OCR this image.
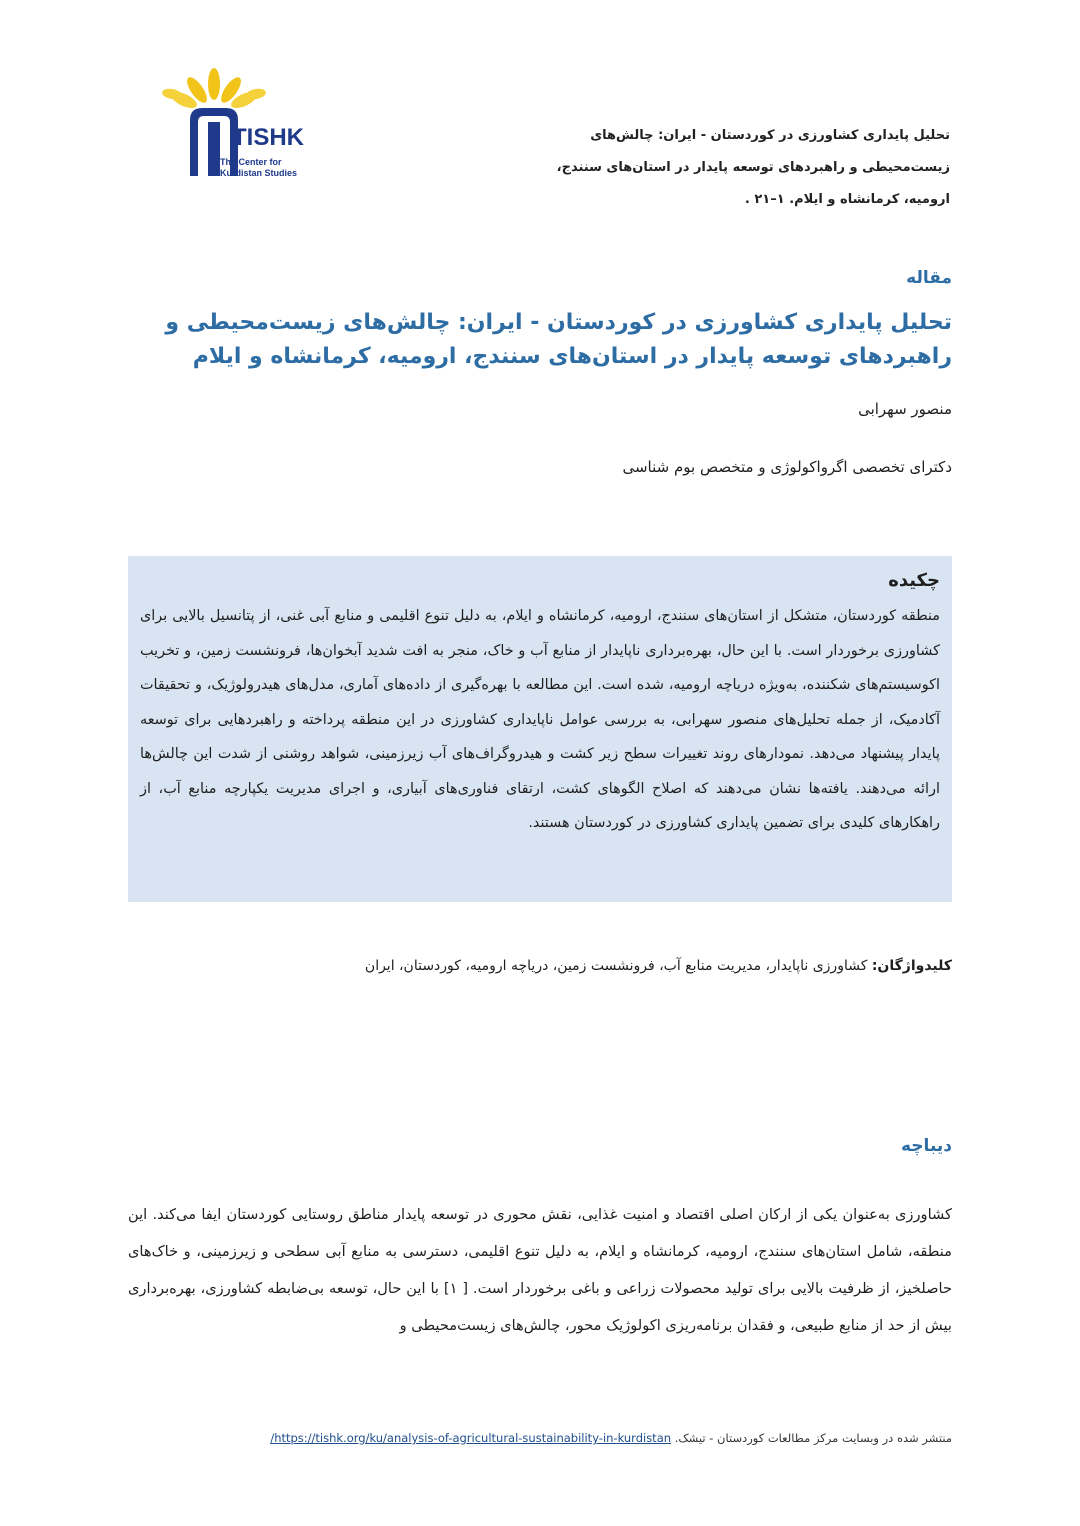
TISHK
The Center for
Kurdistan Studies
تحلیل پایداری کشاورزی در کوردستان - ایران: چالش‌های زیست‌محیطی و راهبردهای توسعه پایدار در استان‌های سنندج، ارومیه، کرمانشاه و ایلام. ۱–۲۱ .
مقاله
تحلیل پایداری کشاورزی در کوردستان - ایران: چالش‌های زیست‌محیطی و راهبردهای توسعه پایدار در استان‌های سنندج، ارومیه، کرمانشاه و ایلام
منصور سهرابی
دکترای تخصصی اگرواکولوژی و متخصص بوم شناسی
چکیده
منطقه کوردستان، متشکل از استان‌های سنندج، ارومیه، کرمانشاه و ایلام، به دلیل تنوع اقلیمی و منابع آبی غنی، از پتانسیل بالایی برای کشاورزی برخوردار است. با این حال، بهره‌برداری ناپایدار از منابع آب و خاک، منجر به افت شدید آبخوان‌ها، فرونشست زمین، و تخریب اکوسیستم‌های شکننده، به‌ویژه دریاچه ارومیه، شده است. این مطالعه با بهره‌گیری از داده‌های آماری، مدل‌های هیدرولوژیک، و تحقیقات آکادمیک، از جمله تحلیل‌های منصور سهرابی، به بررسی عوامل ناپایداری کشاورزی در این منطقه پرداخته و راهبردهایی برای توسعه پایدار پیشنهاد می‌دهد. نمودارهای روند تغییرات سطح زیر کشت و هیدروگراف‌های آب زیرزمینی، شواهد روشنی از شدت این چالش‌ها ارائه می‌دهند. یافته‌ها نشان می‌دهند که اصلاح الگوهای کشت، ارتقای فناوری‌های آبیاری، و اجرای مدیریت یکپارچه منابع آب، از راهکارهای کلیدی برای تضمین پایداری کشاورزی در کوردستان هستند.
کلیدواژگان: کشاورزی ناپایدار، مدیریت منابع آب، فرونشست زمین، دریاچه ارومیه، کوردستان، ایران
دیباچه
کشاورزی به‌عنوان یکی از ارکان اصلی اقتصاد و امنیت غذایی، نقش محوری در توسعه پایدار مناطق روستایی کوردستان ایفا می‌کند. این منطقه، شامل استان‌های سنندج، ارومیه، کرمانشاه و ایلام، به دلیل تنوع اقلیمی، دسترسی به منابع آبی سطحی و زیرزمینی، و خاک‌های حاصلخیز، از ظرفیت بالایی برای تولید محصولات زراعی و باغی برخوردار است. [ ۱] با این حال، توسعه بی‌ضابطه کشاورزی، بهره‌برداری بیش از حد از منابع طبیعی، و فقدان برنامه‌ریزی اکولوژیک محور، چالش‌های زیست‌محیطی و
منتشر شده در وبسایت مرکز مطالعات کوردستان - تیشک. https://tishk.org/ku/analysis-of-agricultural-sustainability-in-kurdistan/
